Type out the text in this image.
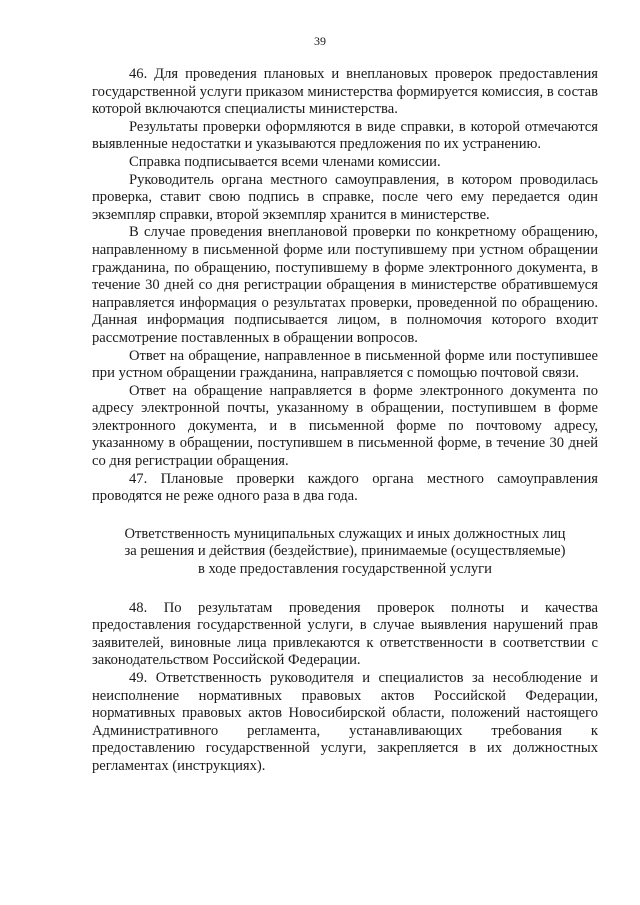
39

46. Для проведения плановых и внеплановых проверок предоставления государственной услуги приказом министерства формируется комиссия, в состав которой включаются специалисты министерства.

Результаты проверки оформляются в виде справки, в которой отмечаются выявленные недостатки и указываются предложения по их устранению.

Справка подписывается всеми членами комиссии.

Руководитель органа местного самоуправления, в котором проводилась проверка, ставит свою подпись в справке, после чего ему передается один экземпляр справки, второй экземпляр хранится в министерстве.

В случае проведения внеплановой проверки по конкретному обращению, направленному в письменной форме или поступившему при устном обращении гражданина, по обращению, поступившему в форме электронного документа, в течение 30 дней со дня регистрации обращения в министерстве обратившемуся направляется информация о результатах проверки, проведенной по обращению. Данная информация подписывается лицом, в полномочия которого входит рассмотрение поставленных в обращении вопросов.

Ответ на обращение, направленное в письменной форме или поступившее при устном обращении гражданина, направляется с помощью почтовой связи.

Ответ на обращение направляется в форме электронного документа по адресу электронной почты, указанному в обращении, поступившем в форме электронного документа, и в письменной форме по почтовому адресу, указанному в обращении, поступившем в письменной форме, в течение 30 дней со дня регистрации обращения.

47. Плановые проверки каждого органа местного самоуправления проводятся не реже одного раза в два года.

Ответственность муниципальных служащих и иных должностных лиц за решения и действия (бездействие), принимаемые (осуществляемые) в ходе предоставления государственной услуги

48. По результатам проведения проверок полноты и качества предоставления государственной услуги, в случае выявления нарушений прав заявителей, виновные лица привлекаются к ответственности в соответствии с законодательством Российской Федерации.

49. Ответственность руководителя и специалистов за несоблюдение и неисполнение нормативных правовых актов Российской Федерации, нормативных правовых актов Новосибирской области, положений настоящего Административного регламента, устанавливающих требования к предоставлению государственной услуги, закрепляется в их должностных регламентах (инструкциях).
